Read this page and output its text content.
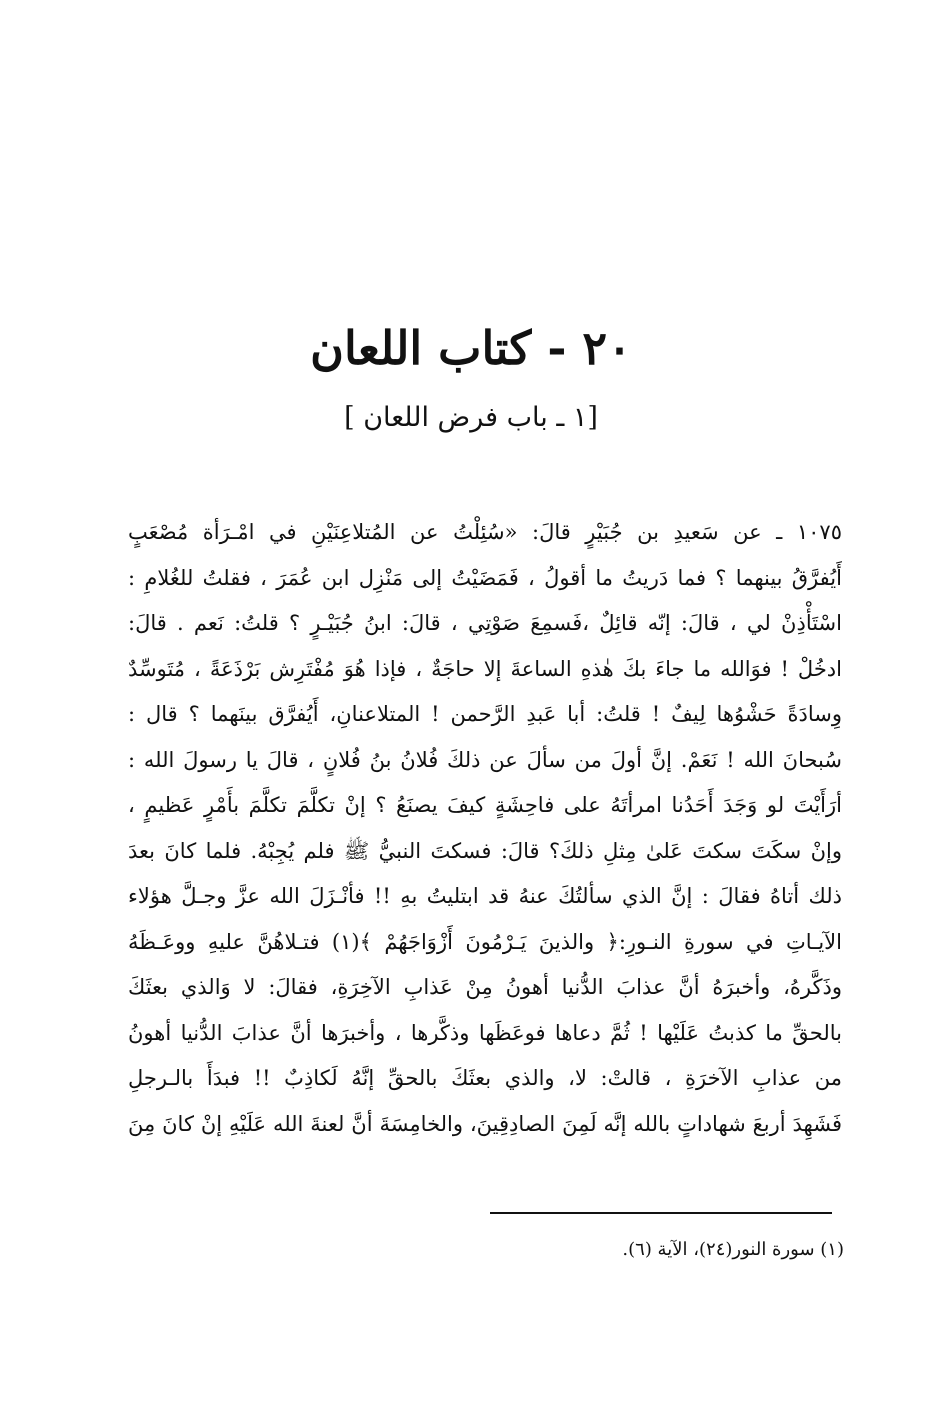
٢٠ - كتاب اللعان
[١ ـ باب فرض اللعان ]
١٠٧٥ ـ عن سَعيدِ بن جُبَيْرٍ قالَ: «سُئِلْتُ عن المُتلاعِنَيْنِ في امْـرَأة مُصْعَبٍ
أَيُفرَّقُ بينهما ؟ فما دَريتُ ما أقولُ ، فَمَضَيْتُ إلى مَنْزِل ابن عُمَرَ ، فقلتُ للغُلامِ :
اسْتَأْذِنْ لي ، قالَ: إنّه قائِلٌ ،فَسمِعَ صَوْتِي ، قالَ: ابنُ جُبَيْـرٍ ؟ قلتُ: نَعم . قالَ:
ادخُلْ ! فوَالله ما جاءَ بكَ هٰذهِ الساعةَ إلا حاجَةٌ ، فإذا هُوَ مُفْتَرِش بَرْذَعَةً ، مُتَوسِّدٌ
وِسادَةً حَشْوُها لِيفٌ ! قلتُ: أبا عَبدِ الرَّحمن ! المتلاعنانِ، أَيُفرَّق بينَهما ؟ قال :
سُبحانَ الله ! نَعَمْ. إنَّ أولَ من سألَ عن ذلكَ فُلانُ بنُ فُلانٍ ، قالَ يا رسولَ الله :
أرَأَيْتَ لو وَجَدَ أَحَدُنا امرأتَهُ على فاحِشَةٍ كيفَ يصنَعُ ؟ إنْ تكلَّمَ تكلَّمَ بأَمْرٍ عَظيمٍ ،
وإنْ سكَتَ سكتَ عَلىٰ مِثلِ ذلكَ؟ قالَ: فسكتَ النبيُّ ﷺ فلم يُجِبْهُ. فلما كانَ بعدَ
ذلك أتاهُ فقالَ : إنَّ الذي سألتُكَ عنهُ قد ابتليتُ بهِ !! فأنْـزَلَ الله عزَّ وجـلَّ هؤلاء
الآيـاتِ في سورةِ النـورِ:﴿ والذينَ يَـرْمُونَ أَزْوَاجَهُمْ ﴾(١) فتـلاهُنَّ عليهِ ووعَـظَهُ
وذَكَّرهُ، وأخبرَهُ أنَّ عذابَ الدُّنيا أهونُ مِنْ عَذابِ الآخِرَةِ، فقالَ: لا وَالذي بعثَكَ
بالحقِّ ما كذبتُ عَلَيْها ! ثُمَّ دعاها فوعَظَها وذكَّرها ، وأخبرَها أنَّ عذابَ الدُّنيا أهونُ
من عذابِ الآخرَةِ ، قالتْ: لا، والذي بعثَكَ بالحقِّ إنَّهُ لَكاذِبٌ !! فبدَأَ بالـرجلِ
فَشَهِدَ أربعَ شهاداتٍ بالله إنَّه لَمِنَ الصادِقِينَ، والخامِسَةَ أنَّ لعنةَ الله عَلَيْهِ إنْ كانَ مِنَ
(١) سورة النور(٢٤)، الآية (٦).
